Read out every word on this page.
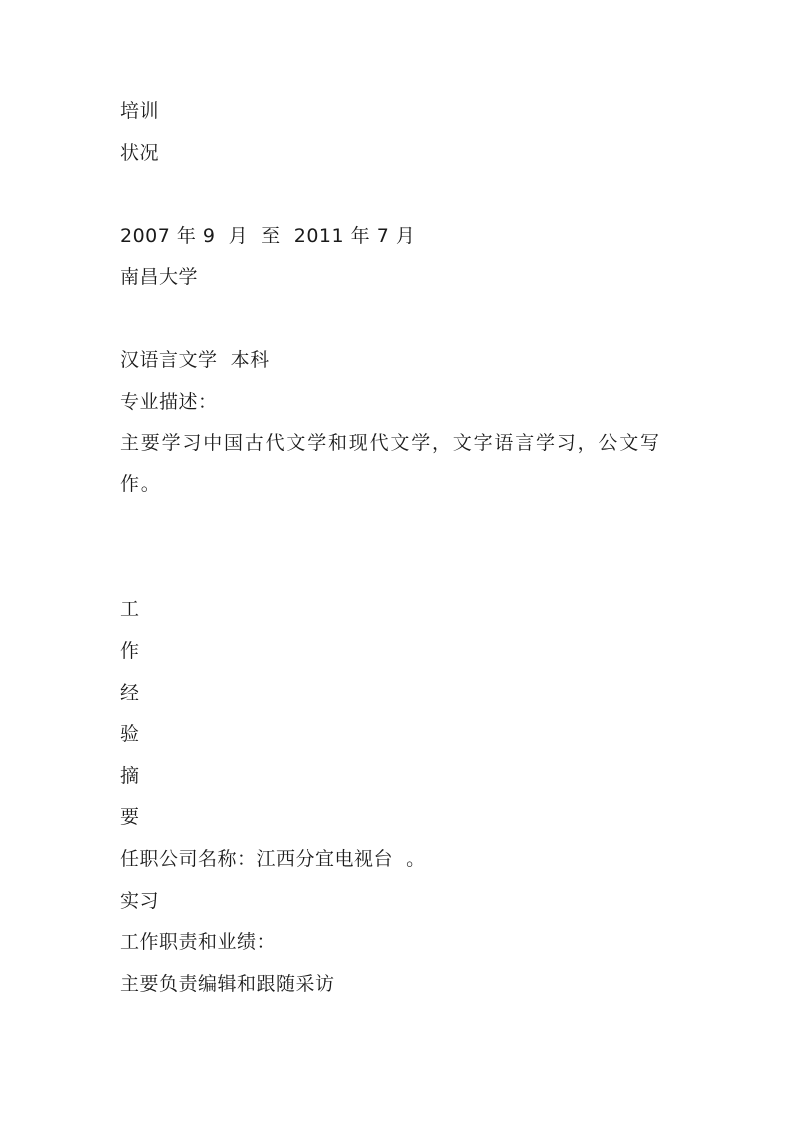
培训
状况
2007 年 9  月  至  2011 年 7 月
南昌大学
汉语言文学  本科
专业描述：
主要学习中国古代文学和现代文学，文字语言学习，公文写作。
工
作
经
验
摘
要
任职公司名称：江西分宜电视台  。
实习
工作职责和业绩：
主要负责编辑和跟随采访
